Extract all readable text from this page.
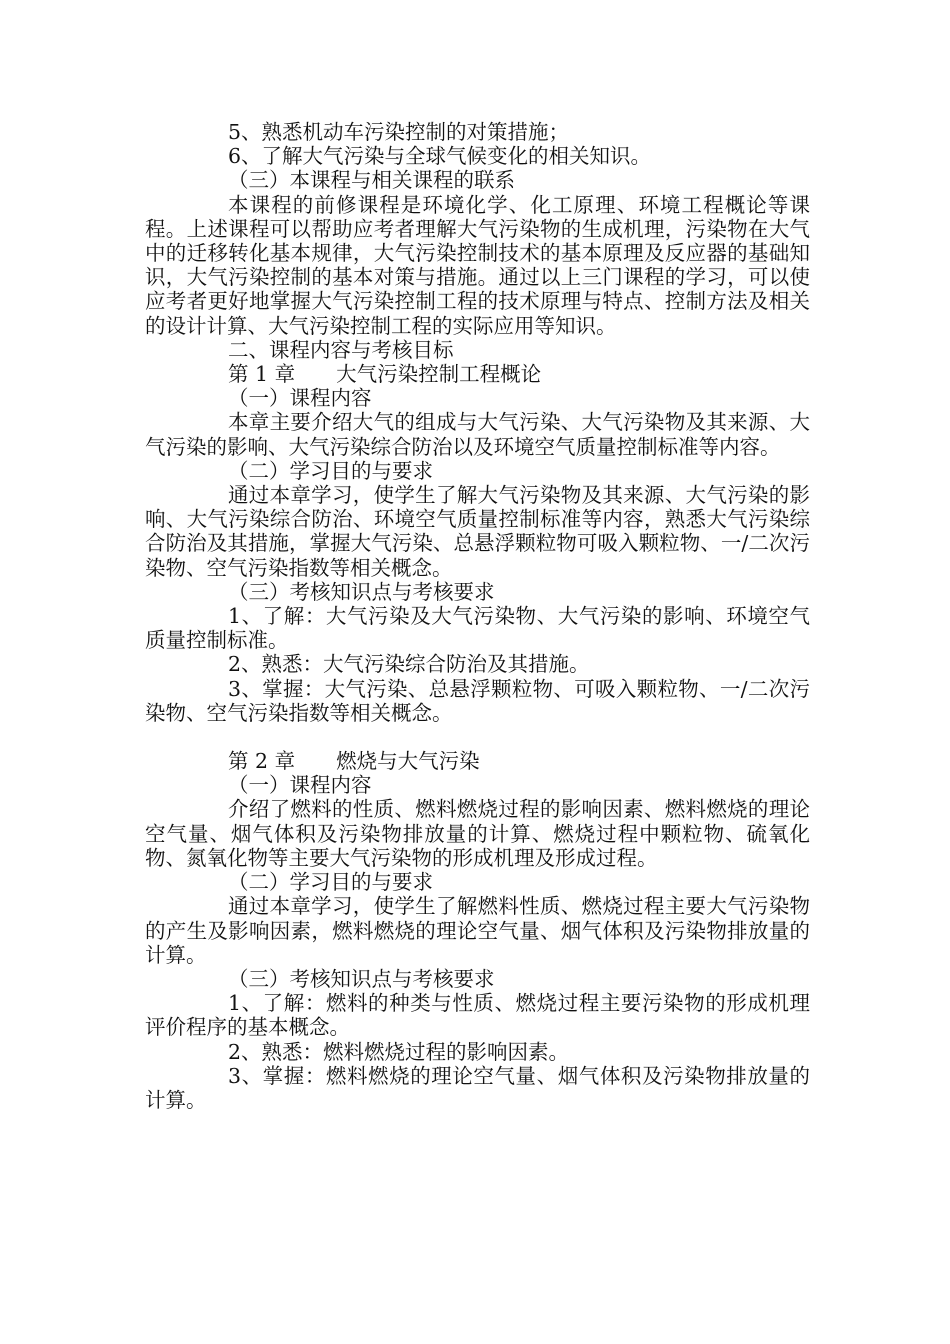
5、熟悉机动车污染控制的对策措施；

6、了解大气污染与全球气候变化的相关知识。

（三）本课程与相关课程的联系

本课程的前修课程是环境化学、化工原理、环境工程概论等课程。上述课程可以帮助应考者理解大气污染物的生成机理，污染物在大气中的迁移转化基本规律，大气污染控制技术的基本原理及反应器的基础知识，大气污染控制的基本对策与措施。通过以上三门课程的学习，可以使应考者更好地掌握大气污染控制工程的技术原理与特点、控制方法及相关的设计计算、大气污染控制工程的实际应用等知识。

二、课程内容与考核目标

第 1 章　　大气污染控制工程概论

（一）课程内容

本章主要介绍大气的组成与大气污染、大气污染物及其来源、大气污染的影响、大气污染综合防治以及环境空气质量控制标准等内容。

（二）学习目的与要求

通过本章学习，使学生了解大气污染物及其来源、大气污染的影响、大气污染综合防治、环境空气质量控制标准等内容，熟悉大气污染综合防治及其措施，掌握大气污染、总悬浮颗粒物可吸入颗粒物、一/二次污染物、空气污染指数等相关概念。

（三）考核知识点与考核要求

1、了解：大气污染及大气污染物、大气污染的影响、环境空气质量控制标准。

2、熟悉：大气污染综合防治及其措施。

3、掌握：大气污染、总悬浮颗粒物、可吸入颗粒物、一/二次污染物、空气污染指数等相关概念。

第 2 章　　燃烧与大气污染

（一）课程内容

介绍了燃料的性质、燃料燃烧过程的影响因素、燃料燃烧的理论空气量、烟气体积及污染物排放量的计算、燃烧过程中颗粒物、硫氧化物、氮氧化物等主要大气污染物的形成机理及形成过程。

（二）学习目的与要求

通过本章学习，使学生了解燃料性质、燃烧过程主要大气污染物的产生及影响因素，燃料燃烧的理论空气量、烟气体积及污染物排放量的计算。

（三）考核知识点与考核要求

1、了解：燃料的种类与性质、燃烧过程主要污染物的形成机理评价程序的基本概念。

2、熟悉：燃料燃烧过程的影响因素。

3、掌握：燃料燃烧的理论空气量、烟气体积及污染物排放量的计算。
